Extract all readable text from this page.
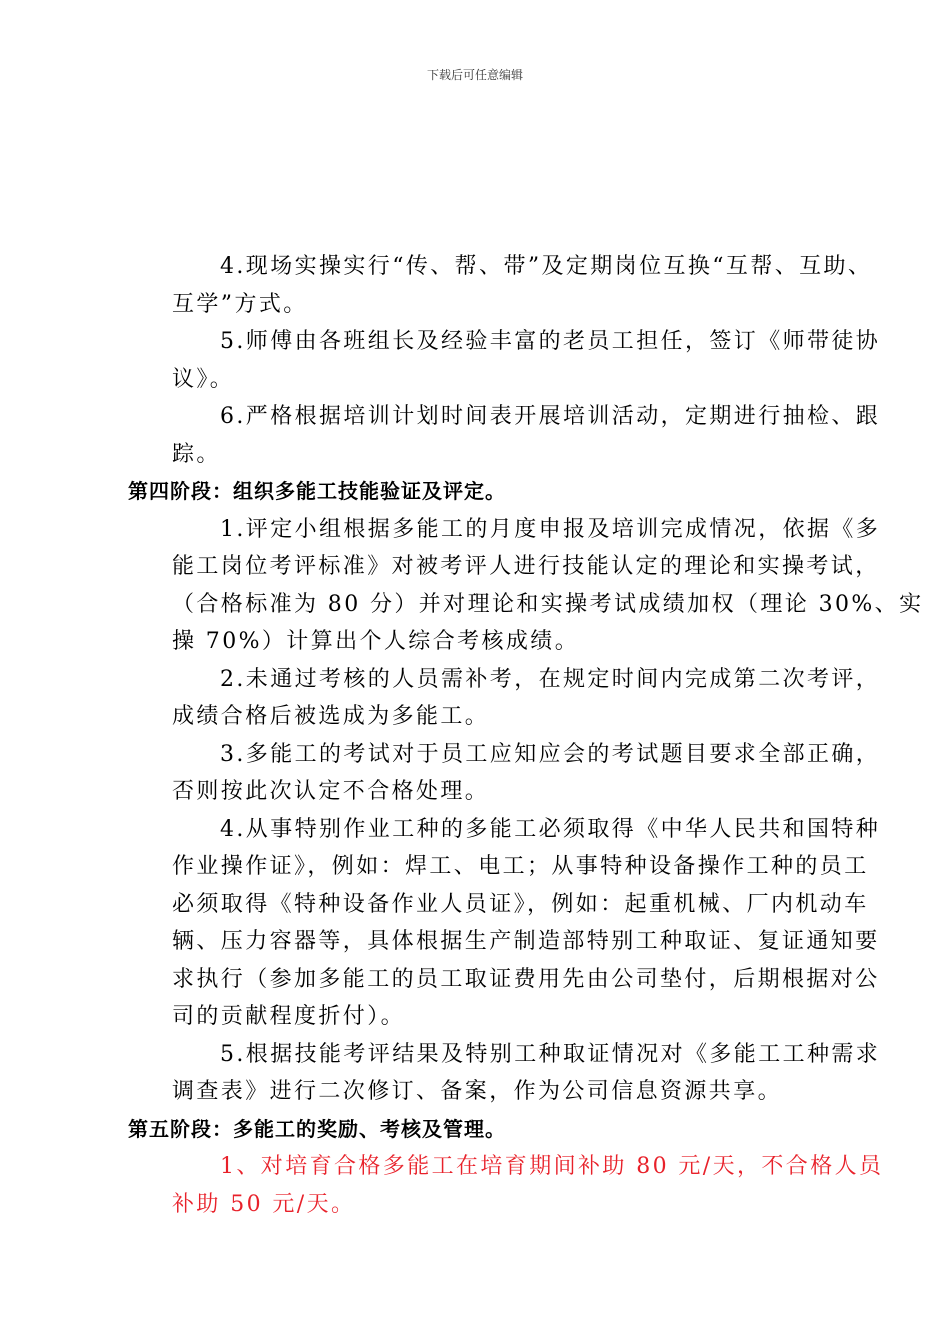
下载后可任意编辑
4.现场实操实行“传、帮、带”及定期岗位互换“互帮、互助、
互学”方式。
5.师傅由各班组长及经验丰富的老员工担任，签订《师带徒协
议》。
6.严格根据培训计划时间表开展培训活动，定期进行抽检、跟
踪。
第四阶段：组织多能工技能验证及评定。
1.评定小组根据多能工的月度申报及培训完成情况，依据《多
能工岗位考评标准》对被考评人进行技能认定的理论和实操考试，
（合格标准为 80 分）并对理论和实操考试成绩加权（理论 30%、实
操 70%）计算出个人综合考核成绩。
2.未通过考核的人员需补考，在规定时间内完成第二次考评，
成绩合格后被选成为多能工。
3.多能工的考试对于员工应知应会的考试题目要求全部正确，
否则按此次认定不合格处理。
4.从事特别作业工种的多能工必须取得《中华人民共和国特种
作业操作证》，例如：焊工、电工；从事特种设备操作工种的员工
必须取得《特种设备作业人员证》，例如：起重机械、厂内机动车
辆、压力容器等，具体根据生产制造部特别工种取证、复证通知要
求执行（参加多能工的员工取证费用先由公司垫付，后期根据对公
司的贡献程度折付）。
5.根据技能考评结果及特别工种取证情况对《多能工工种需求
调查表》进行二次修订、备案，作为公司信息资源共享。
第五阶段：多能工的奖励、考核及管理。
1、对培育合格多能工在培育期间补助 80 元/天，不合格人员
补助 50 元/天。
